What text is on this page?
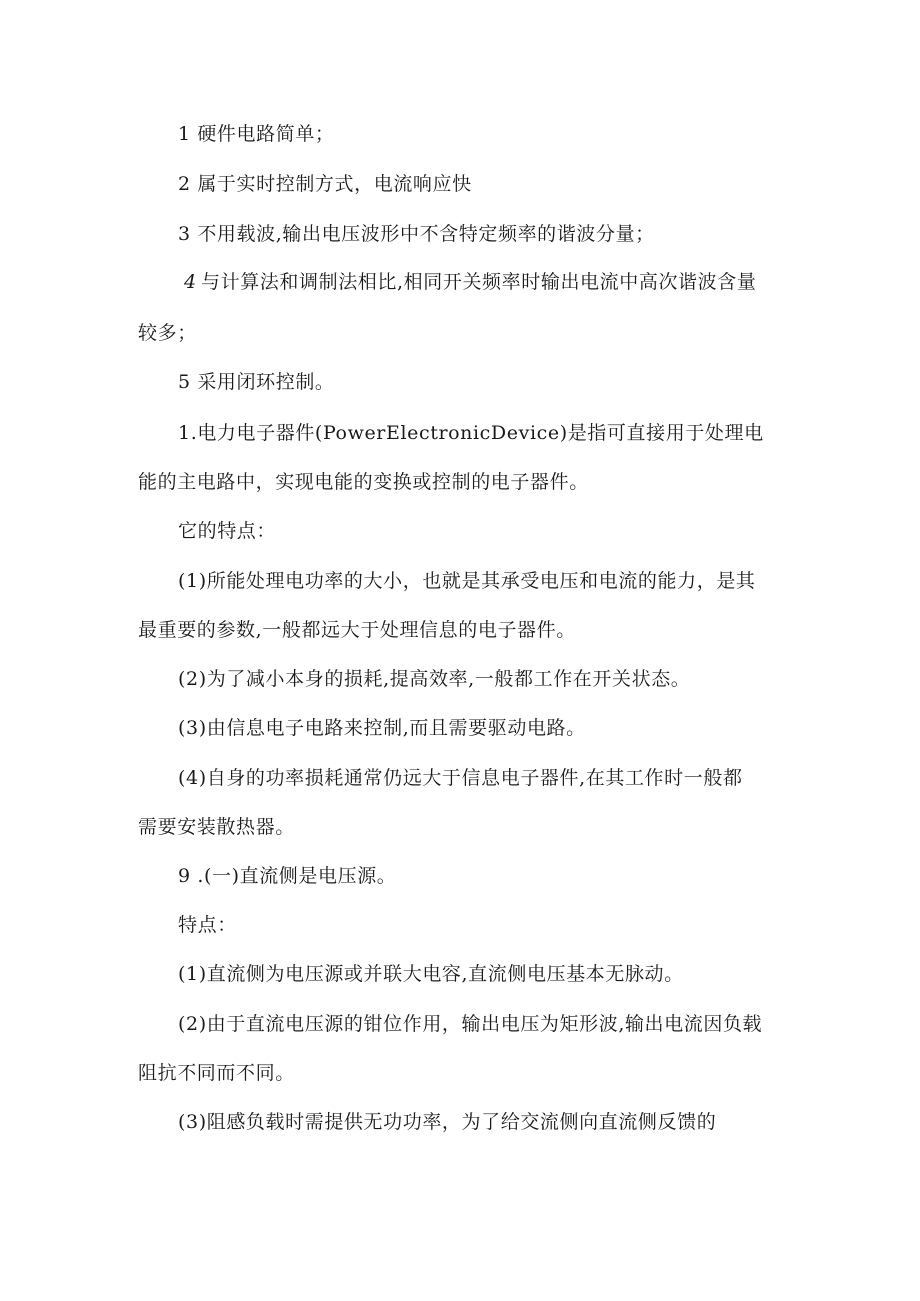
1 硬件电路简单；
2 属于实时控制方式，电流响应快
3 不用载波,输出电压波形中不含特定频率的谐波分量；
4 与计算法和调制法相比,相同开关频率时输出电流中高次谐波含量
较多；
5 采用闭环控制。
1.电力电子器件(PowerElectronicDevice)是指可直接用于处理电
能的主电路中，实现电能的变换或控制的电子器件。
它的特点：
(1)所能处理电功率的大小，也就是其承受电压和电流的能力，是其
最重要的参数,一般都远大于处理信息的电子器件。
(2)为了减小本身的损耗,提高效率,一般都工作在开关状态。
(3)由信息电子电路来控制,而且需要驱动电路。
(4)自身的功率损耗通常仍远大于信息电子器件,在其工作时一般都
需要安装散热器。
9 .(一)直流侧是电压源。
特点：
(1)直流侧为电压源或并联大电容,直流侧电压基本无脉动。
(2)由于直流电压源的钳位作用，输出电压为矩形波,输出电流因负载
阻抗不同而不同。
(3)阻感负载时需提供无功功率，为了给交流侧向直流侧反馈的
